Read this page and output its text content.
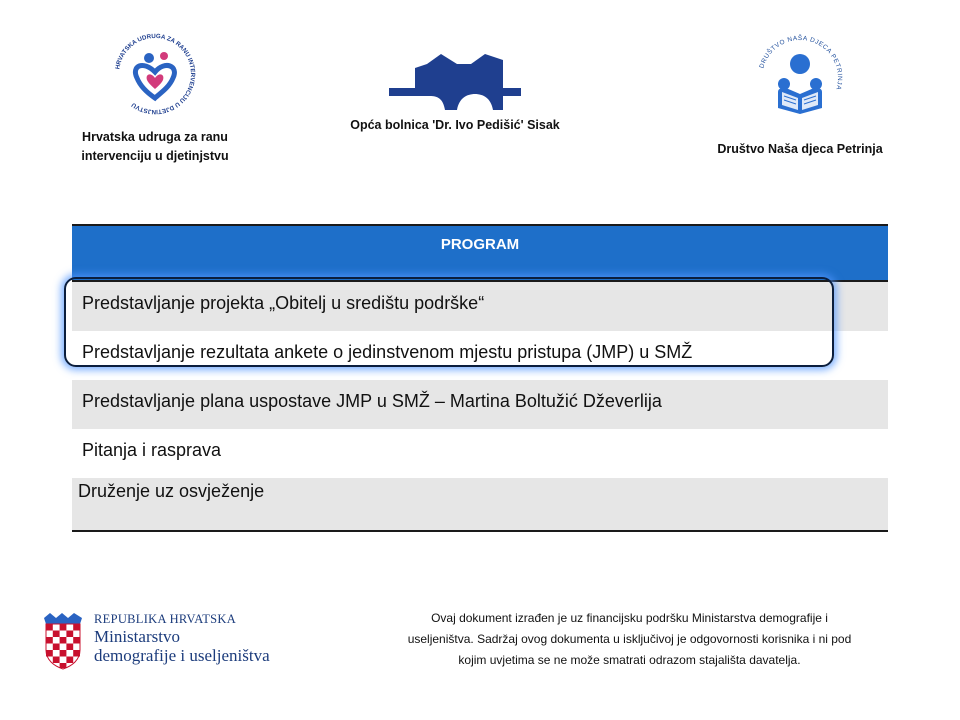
HRVATSKA UDRUGA ZA RANU INTERVENCIJU U DJETINJSTVU
Hrvatska udruga za ranu
intervenciju u djetinjstvu
Opća bolnica 'Dr. Ivo Pedišić' Sisak
DRUŠTVO NAŠA DJECA PETRINJA
Društvo Naša djeca Petrinja
PROGRAM
Predstavljanje projekta „Obitelj u središtu podrške“
Predstavljanje rezultata ankete o jedinstvenom mjestu pristupa (JMP) u SMŽ
Predstavljanje plana uspostave JMP u SMŽ – Martina Boltužić Dževerlija
Pitanja i rasprava
Druženje uz osvježenje
REPUBLIKA HRVATSKA
Ministarstvo
demografije i useljeništva
Ovaj dokument izrađen je uz financijsku podršku Ministarstva demografije i
useljeništva. Sadržaj ovog dokumenta u isključivoj je odgovornosti korisnika i ni pod
kojim uvjetima se ne može smatrati odrazom stajališta davatelja.
